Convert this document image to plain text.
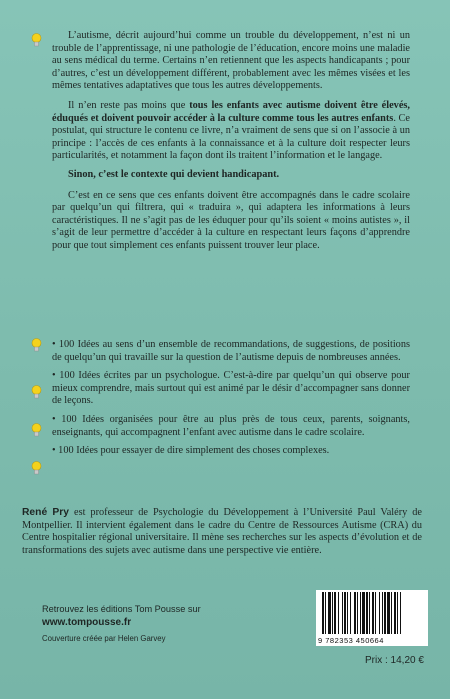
L’autisme, décrit aujourd’hui comme un trouble du développement, n’est ni un trouble de l’apprentissage, ni une pathologie de l’éducation, encore moins une maladie au sens médical du terme. Certains n’en retiennent que les aspects handicapants ; pour d’autres, c’est un développement différent, probablement avec les mêmes visées et les mêmes tentatives adaptatives que tous les autres développements.

Il n’en reste pas moins que tous les enfants avec autisme doivent être élevés, éduqués et doivent pouvoir accéder à la culture comme tous les autres enfants. Ce postulat, qui structure le contenu ce livre, n’a vraiment de sens que si on l’associe à un principe : l’accès de ces enfants à la connaissance et à la culture doit respecter leurs particularités, et notamment la façon dont ils traitent l’information et le langage.

Sinon, c’est le contexte qui devient handicapant.

C’est en ce sens que ces enfants doivent être accompagnés dans le cadre scolaire par quelqu’un qui filtrera, qui « traduira », qui adaptera les informations à leurs caractéristiques. Il ne s’agit pas de les éduquer pour qu’ils soient « moins autistes », il s’agit de leur permettre d’accéder à la culture en respectant leurs façons d’apprendre pour que tout simplement ces enfants puissent trouver leur place.

• 100 Idées au sens d’un ensemble de recommandations, de suggestions, de positions de quelqu’un qui travaille sur la question de l’autisme depuis de nombreuses années.

• 100 Idées écrites par un psychologue. C’est-à-dire par quelqu’un qui observe pour mieux comprendre, mais surtout qui est animé par le désir d’accompagner sans donner de leçons.

• 100 Idées organisées pour être au plus près de tous ceux, parents, soignants, enseignants, qui accompagnent l’enfant avec autisme dans le cadre scolaire.

• 100 Idées pour essayer de dire simplement des choses complexes.

René Pry est professeur de Psychologie du Développement à l’Université Paul Valéry de Montpellier. Il intervient également dans le cadre du Centre de Ressources Autisme (CRA) du Centre hospitalier régional universitaire. Il mène ses recherches sur les aspects d’évolution et de transformations des sujets avec autisme dans une perspective vie entière.

Retrouvez les éditions Tom Pousse sur
www.tompousse.fr
Couverture créée par Helen Garvey	9 782353 450664
Prix : 14,20 €
